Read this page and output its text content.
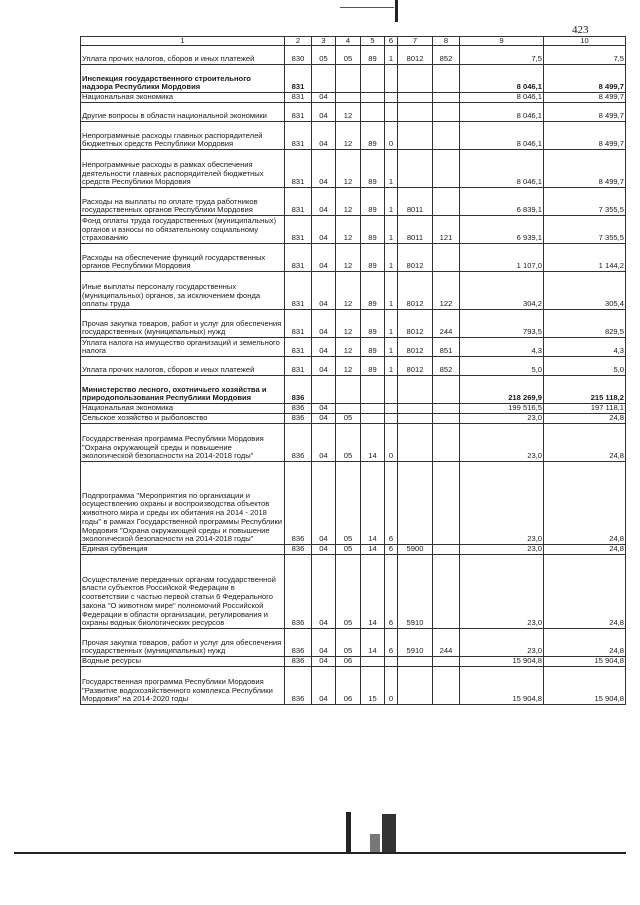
423
1	2	3	4	5	6	7	8	9	10
Уплата прочих налогов, сборов и иных платежей	830	05	05	89	1	8012	852	7,5	7,5
Инспекция государственного строительного надзора Республики Мордовия	831							8 046,1	8 499,7
Национальная экономика	831	04						8 046,1	8 499,7
Другие вопросы в области национальной экономики	831	04	12					8 046,1	8 499,7
Непрограммные расходы главных распорядителей бюджетных средств Республики Мордовия	831	04	12	89	0			8 046,1	8 499,7
Непрограммные расходы в рамках обеспечения деятельности главных распорядителей бюджетных средств Республики Мордовия	831	04	12	89	1			8 046,1	8 499,7
Расходы на выплаты по оплате труда работников государственных органов Республики Мордовия	831	04	12	89	1	8011		6 839,1	7 355,5
Фонд оплаты труда государственных (муниципальных) органов и взносы по обязательному социальному страхованию	831	04	12	89	1	8011	121	6 939,1	7 355,5
Расходы на обеспечение функций государственных органов Республики Мордовия	831	04	12	89	1	8012		1 107,0	1 144,2
Иные выплаты персоналу государственных (муниципальных) органов, за исключением фонда оплаты труда	831	04	12	89	1	8012	122	304,2	305,4
Прочая закупка товаров, работ и услуг для обеспечения государственных (муниципальных) нужд	831	04	12	89	1	8012	244	793,5	829,5
Уплата налога на имущество организаций и земельного налога	831	04	12	89	1	8012	851	4,3	4,3
Уплата прочих налогов, сборов и иных платежей	831	04	12	89	1	8012	852	5,0	5,0
Министерство лесного, охотничьего хозяйства и природопользования Республики Мордовия	836							218 269,9	215 118,2
Национальная экономика	836	04						199 516,5	197 118,1
Сельское хозяйство и рыболовство	836	04	05					23,0	24,8
Государственная программа Республики Мордовия "Охрана окружающей среды и повышение экологической безопасности на 2014-2018 годы"	836	04	05	14	0			23,0	24,8
Подпрограмма "Мероприятия по организации и осуществлению охраны и воспроизводства объектов животного мира и среды их обитания на 2014 - 2018 годы" в рамках Государственной программы Республики Мордовия "Охрана окружающей среды и повышение экологической безопасности на 2014-2018 годы"	836	04	05	14	6			23,0	24,8
Единая субвенция	836	04	05	14	6	5900		23,0	24,8
Осуществление переданных органам государственной власти субъектов Российской Федерации в соответствии с частью первой статьи 6 Федерального закона "О животном мире" полномочий Российской Федерации в области организации, регулирования и охраны водных биологических ресурсов	836	04	05	14	6	5910		23,0	24,8
Прочая закупка товаров, работ и услуг для обеспечения государственных (муниципальных) нужд	836	04	05	14	6	5910	244	23,0	24,8
Водные ресурсы	836	04	06					15 904,8	15 904,8
Государственная программа Республики Мордовия "Развитие водохозяйственного комплекса Республики Мордовия" на 2014-2020 годы	836	04	06	15	0			15 904,8	15 904,8
